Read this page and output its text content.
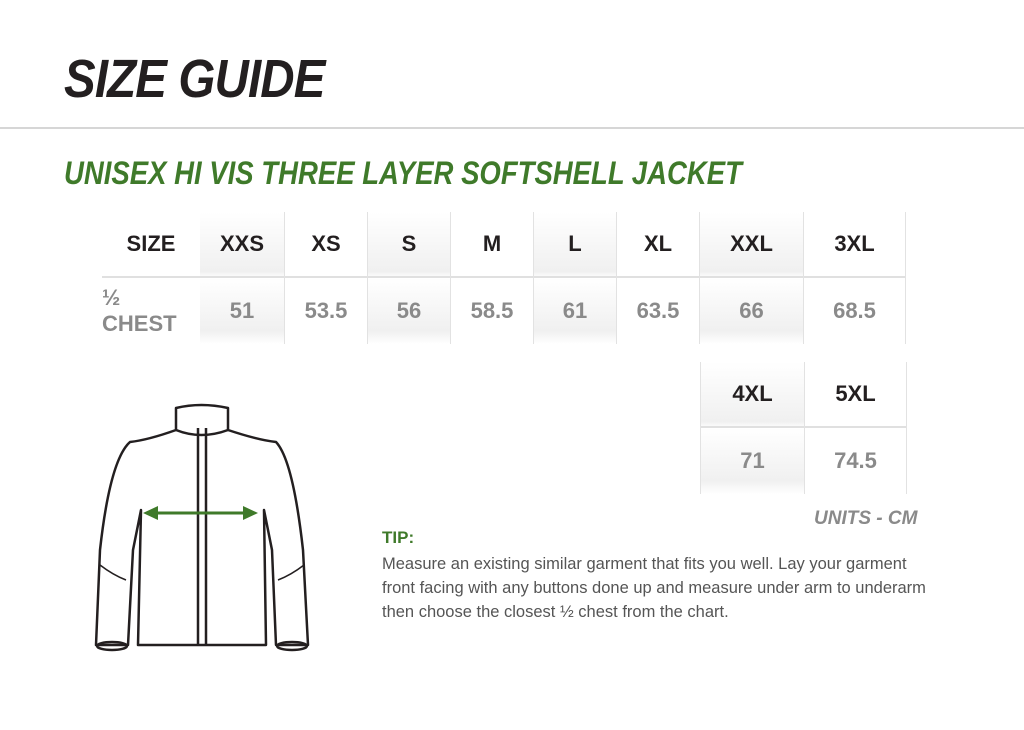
SIZE GUIDE
UNISEX HI VIS THREE LAYER SOFTSHELL JACKET
SIZE
½ CHEST
XXS
51
XS
53.5
S
56
M
58.5
L
61
XL
63.5
XXL
66
3XL
68.5
4XL
71
5XL
74.5
UNITS - CM
TIP:

Measure an existing similar garment that fits you well. Lay your garment front facing with any buttons done up and measure under arm to underarm then choose the closest ½ chest from the chart.
